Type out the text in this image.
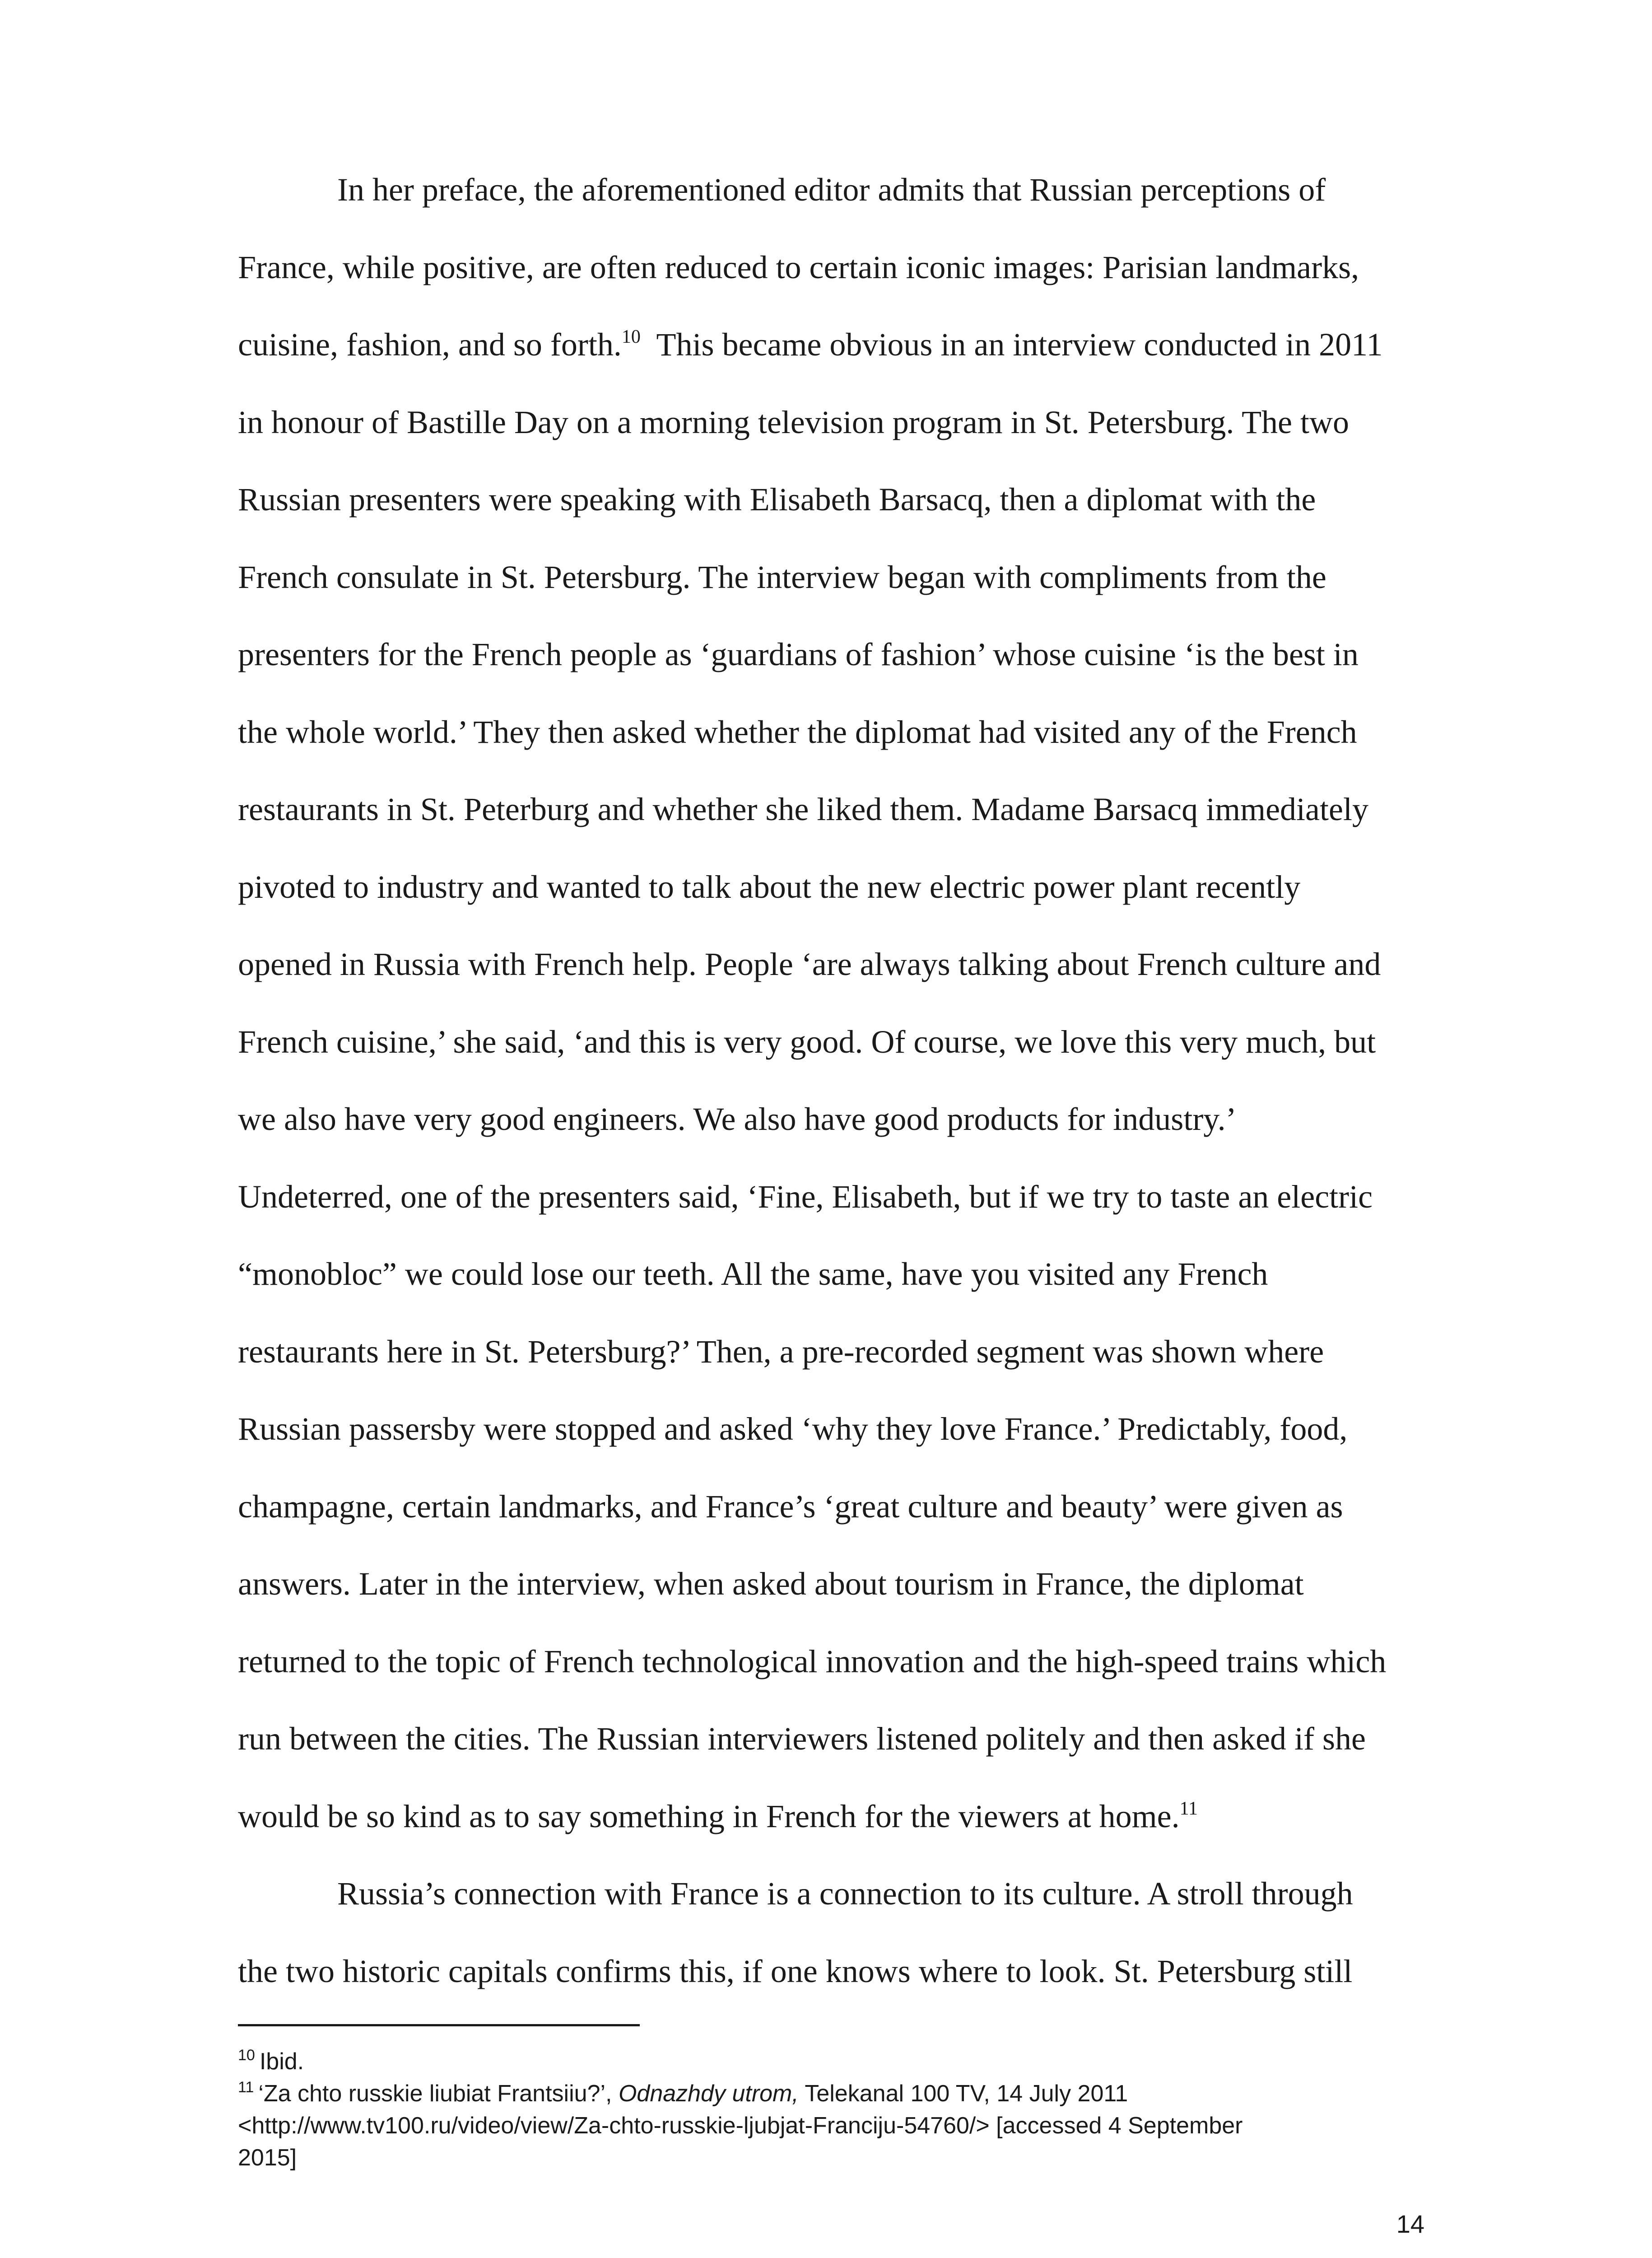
In her preface, the aforementioned editor admits that Russian perceptions of
France, while positive, are often reduced to certain iconic images: Parisian landmarks,
cuisine, fashion, and so forth.$^{10}$  This became obvious in an interview conducted in 2011
in honour of Bastille Day on a morning television program in St. Petersburg. The two
Russian presenters were speaking with Elisabeth Barsacq, then a diplomat with the
French consulate in St. Petersburg. The interview began with compliments from the
presenters for the French people as ‘guardians of fashion’ whose cuisine ‘is the best in
the whole world.’ They then asked whether the diplomat had visited any of the French
restaurants in St. Peterburg and whether she liked them. Madame Barsacq immediately
pivoted to industry and wanted to talk about the new electric power plant recently
opened in Russia with French help. People ‘are always talking about French culture and
French cuisine,’ she said, ‘and this is very good. Of course, we love this very much, but
we also have very good engineers. We also have good products for industry.’
Undeterred, one of the presenters said, ‘Fine, Elisabeth, but if we try to taste an electric
“monobloc” we could lose our teeth. All the same, have you visited any French
restaurants here in St. Petersburg?’ Then, a pre-recorded segment was shown where
Russian passersby were stopped and asked ‘why they love France.’ Predictably, food,
champagne, certain landmarks, and France’s ‘great culture and beauty’ were given as
answers. Later in the interview, when asked about tourism in France, the diplomat
returned to the topic of French technological innovation and the high-speed trains which
run between the cities. The Russian interviewers listened politely and then asked if she
would be so kind as to say something in French for the viewers at home.$^{11}$

Russia’s connection with France is a connection to its culture. A stroll through
the two historic capitals confirms this, if one knows where to look. St. Petersburg still

$^{10}$ Ibid.

$^{11}$ ‘Za chto russkie liubiat Frantsiiu?’, Odnazhdy utrom, Telekanal 100 TV, 14 July 2011
<http://www.tv100.ru/video/view/Za-chto-russkie-ljubjat-Franciju-54760/> [accessed 4 September
2015]

14
